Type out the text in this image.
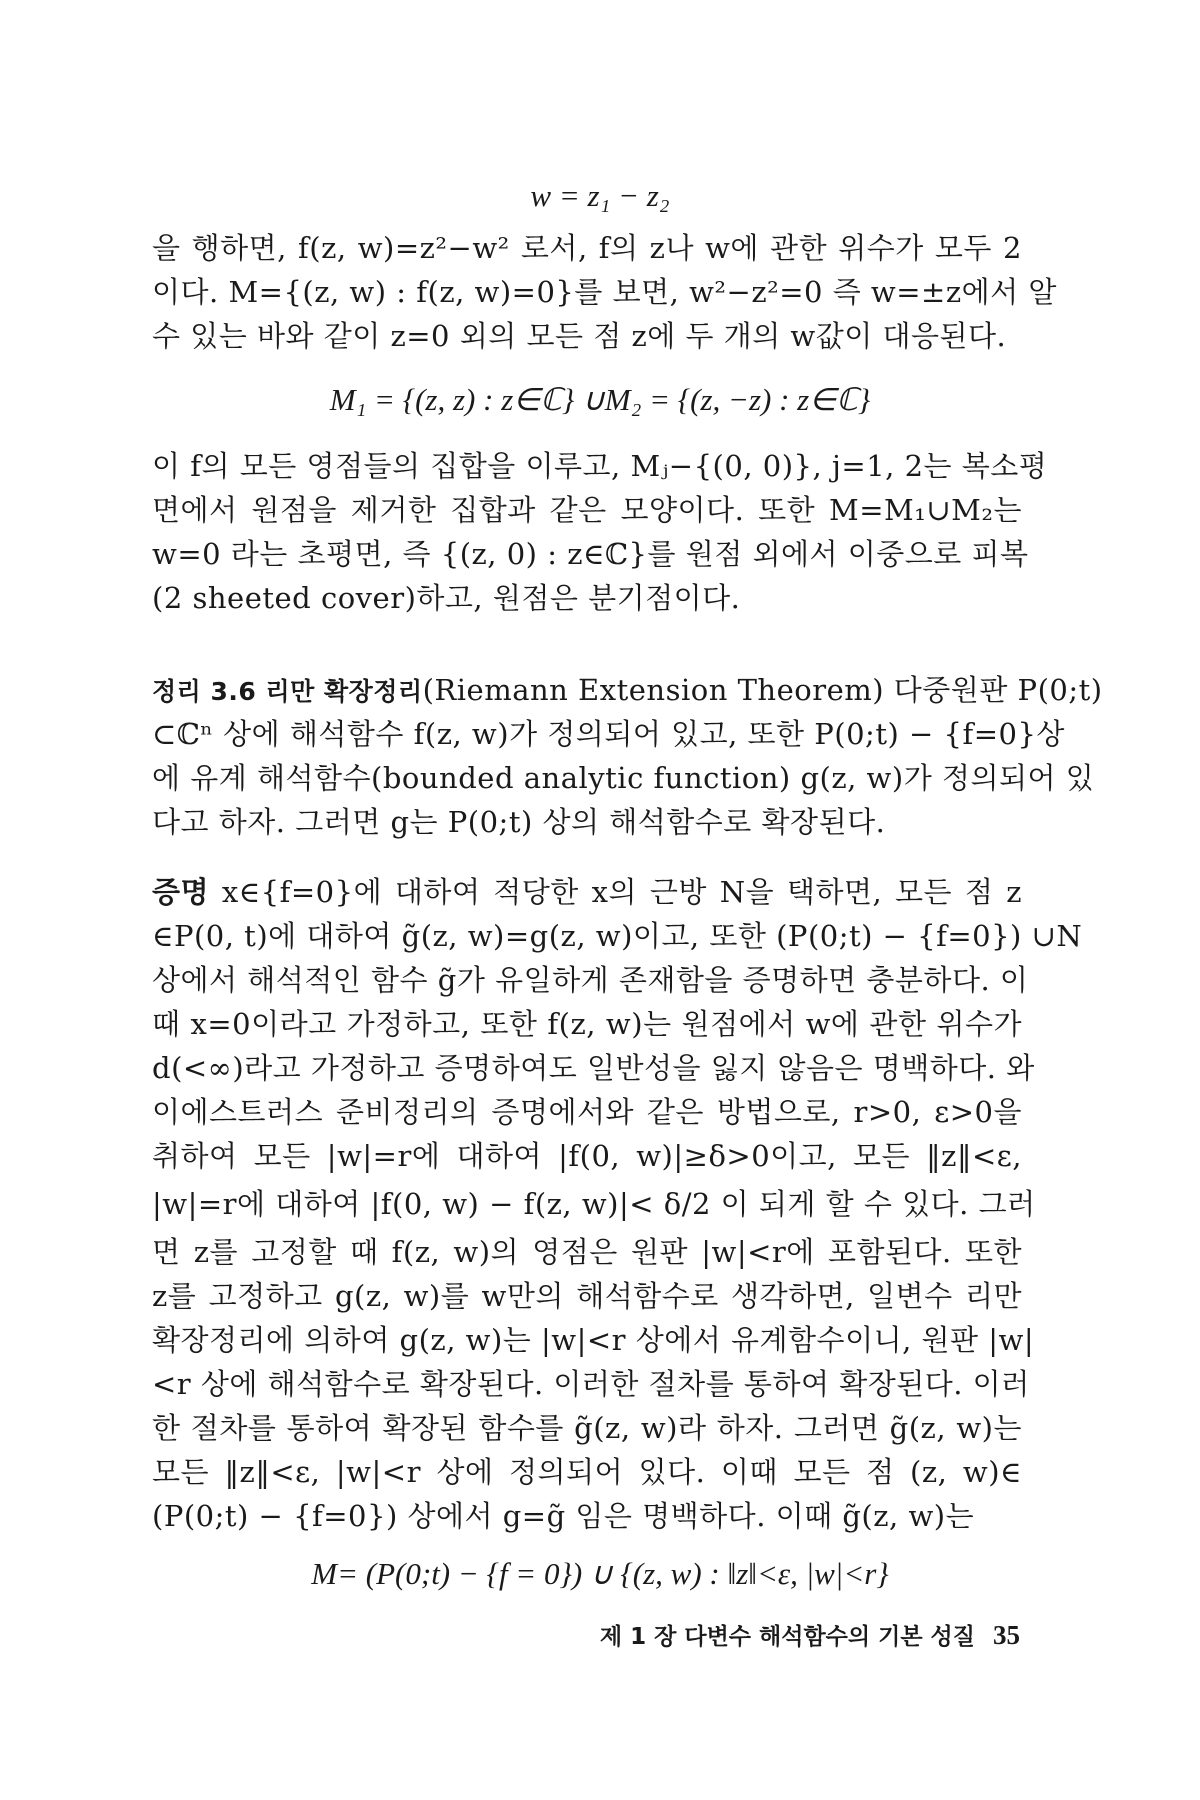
w = z₁ − z₂
을 행하면, f(z, w)=z²−w² 로서, f의 z나 w에 관한 위수가 모두 2
이다. M={(z, w) : f(z, w)=0}를 보면, w²−z²=0 즉 w=±z에서 알
수 있는 바와 같이 z=0 외의 모든 점 z에 두 개의 w값이 대응된다.
M₁ = {(z, z) : z∈ℂ} ∪M₂ = {(z, −z) : z∈ℂ}
이 f의 모든 영점들의 집합을 이루고, Mⱼ−{(0, 0)}, j=1, 2는 복소평
면에서 원점을 제거한 집합과 같은 모양이다. 또한 M=M₁∪M₂는
w=0 라는 초평면, 즉 {(z, 0) : z∈ℂ}를 원점 외에서 이중으로 피복
(2 sheeted cover)하고, 원점은 분기점이다.
정리 3.6 리만 확장정리(Riemann Extension Theorem) 다중원판 P(0;t)
⊂ℂⁿ 상에 해석함수 f(z, w)가 정의되어 있고, 또한 P(0;t) − {f=0}상
에 유계 해석함수(bounded analytic function) g(z, w)가 정의되어 있
다고 하자. 그러면 g는 P(0;t) 상의 해석함수로 확장된다.
증명 x∈{f=0}에 대하여 적당한 x의 근방 N을 택하면, 모든 점 z
∈P(0, t)에 대하여 g̃(z, w)=g(z, w)이고, 또한 (P(0;t) − {f=0}) ∪N
상에서 해석적인 함수 g̃가 유일하게 존재함을 증명하면 충분하다. 이
때 x=0이라고 가정하고, 또한 f(z, w)는 원점에서 w에 관한 위수가
d(<∞)라고 가정하고 증명하여도 일반성을 잃지 않음은 명백하다. 와
이에스트러스 준비정리의 증명에서와 같은 방법으로, r>0, ε>0을
취하여 모든 |w|=r에 대하여 |f(0, w)|≥δ>0이고, 모든 ‖z‖<ε,
|w|=r에 대하여 |f(0, w) − f(z, w)|< δ/2 이 되게 할 수 있다. 그러
면 z를 고정할 때 f(z, w)의 영점은 원판 |w|<r에 포함된다. 또한
z를 고정하고 g(z, w)를 w만의 해석함수로 생각하면, 일변수 리만
확장정리에 의하여 g(z, w)는 |w|<r 상에서 유계함수이니, 원판 |w|
<r 상에 해석함수로 확장된다. 이러한 절차를 통하여 확장된다. 이러
한 절차를 통하여 확장된 함수를 g̃(z, w)라 하자. 그러면 g̃(z, w)는
모든 ‖z‖<ε, |w|<r 상에 정의되어 있다. 이때 모든 점 (z, w)∈
(P(0;t) − {f=0}) 상에서 g=g̃ 임은 명백하다. 이때 g̃(z, w)는
M= (P(0;t) − {f = 0}) ∪ {(z, w) : ‖z‖<ε, |w|<r}
제 1 장 다변수 해석함수의 기본 성질 35
